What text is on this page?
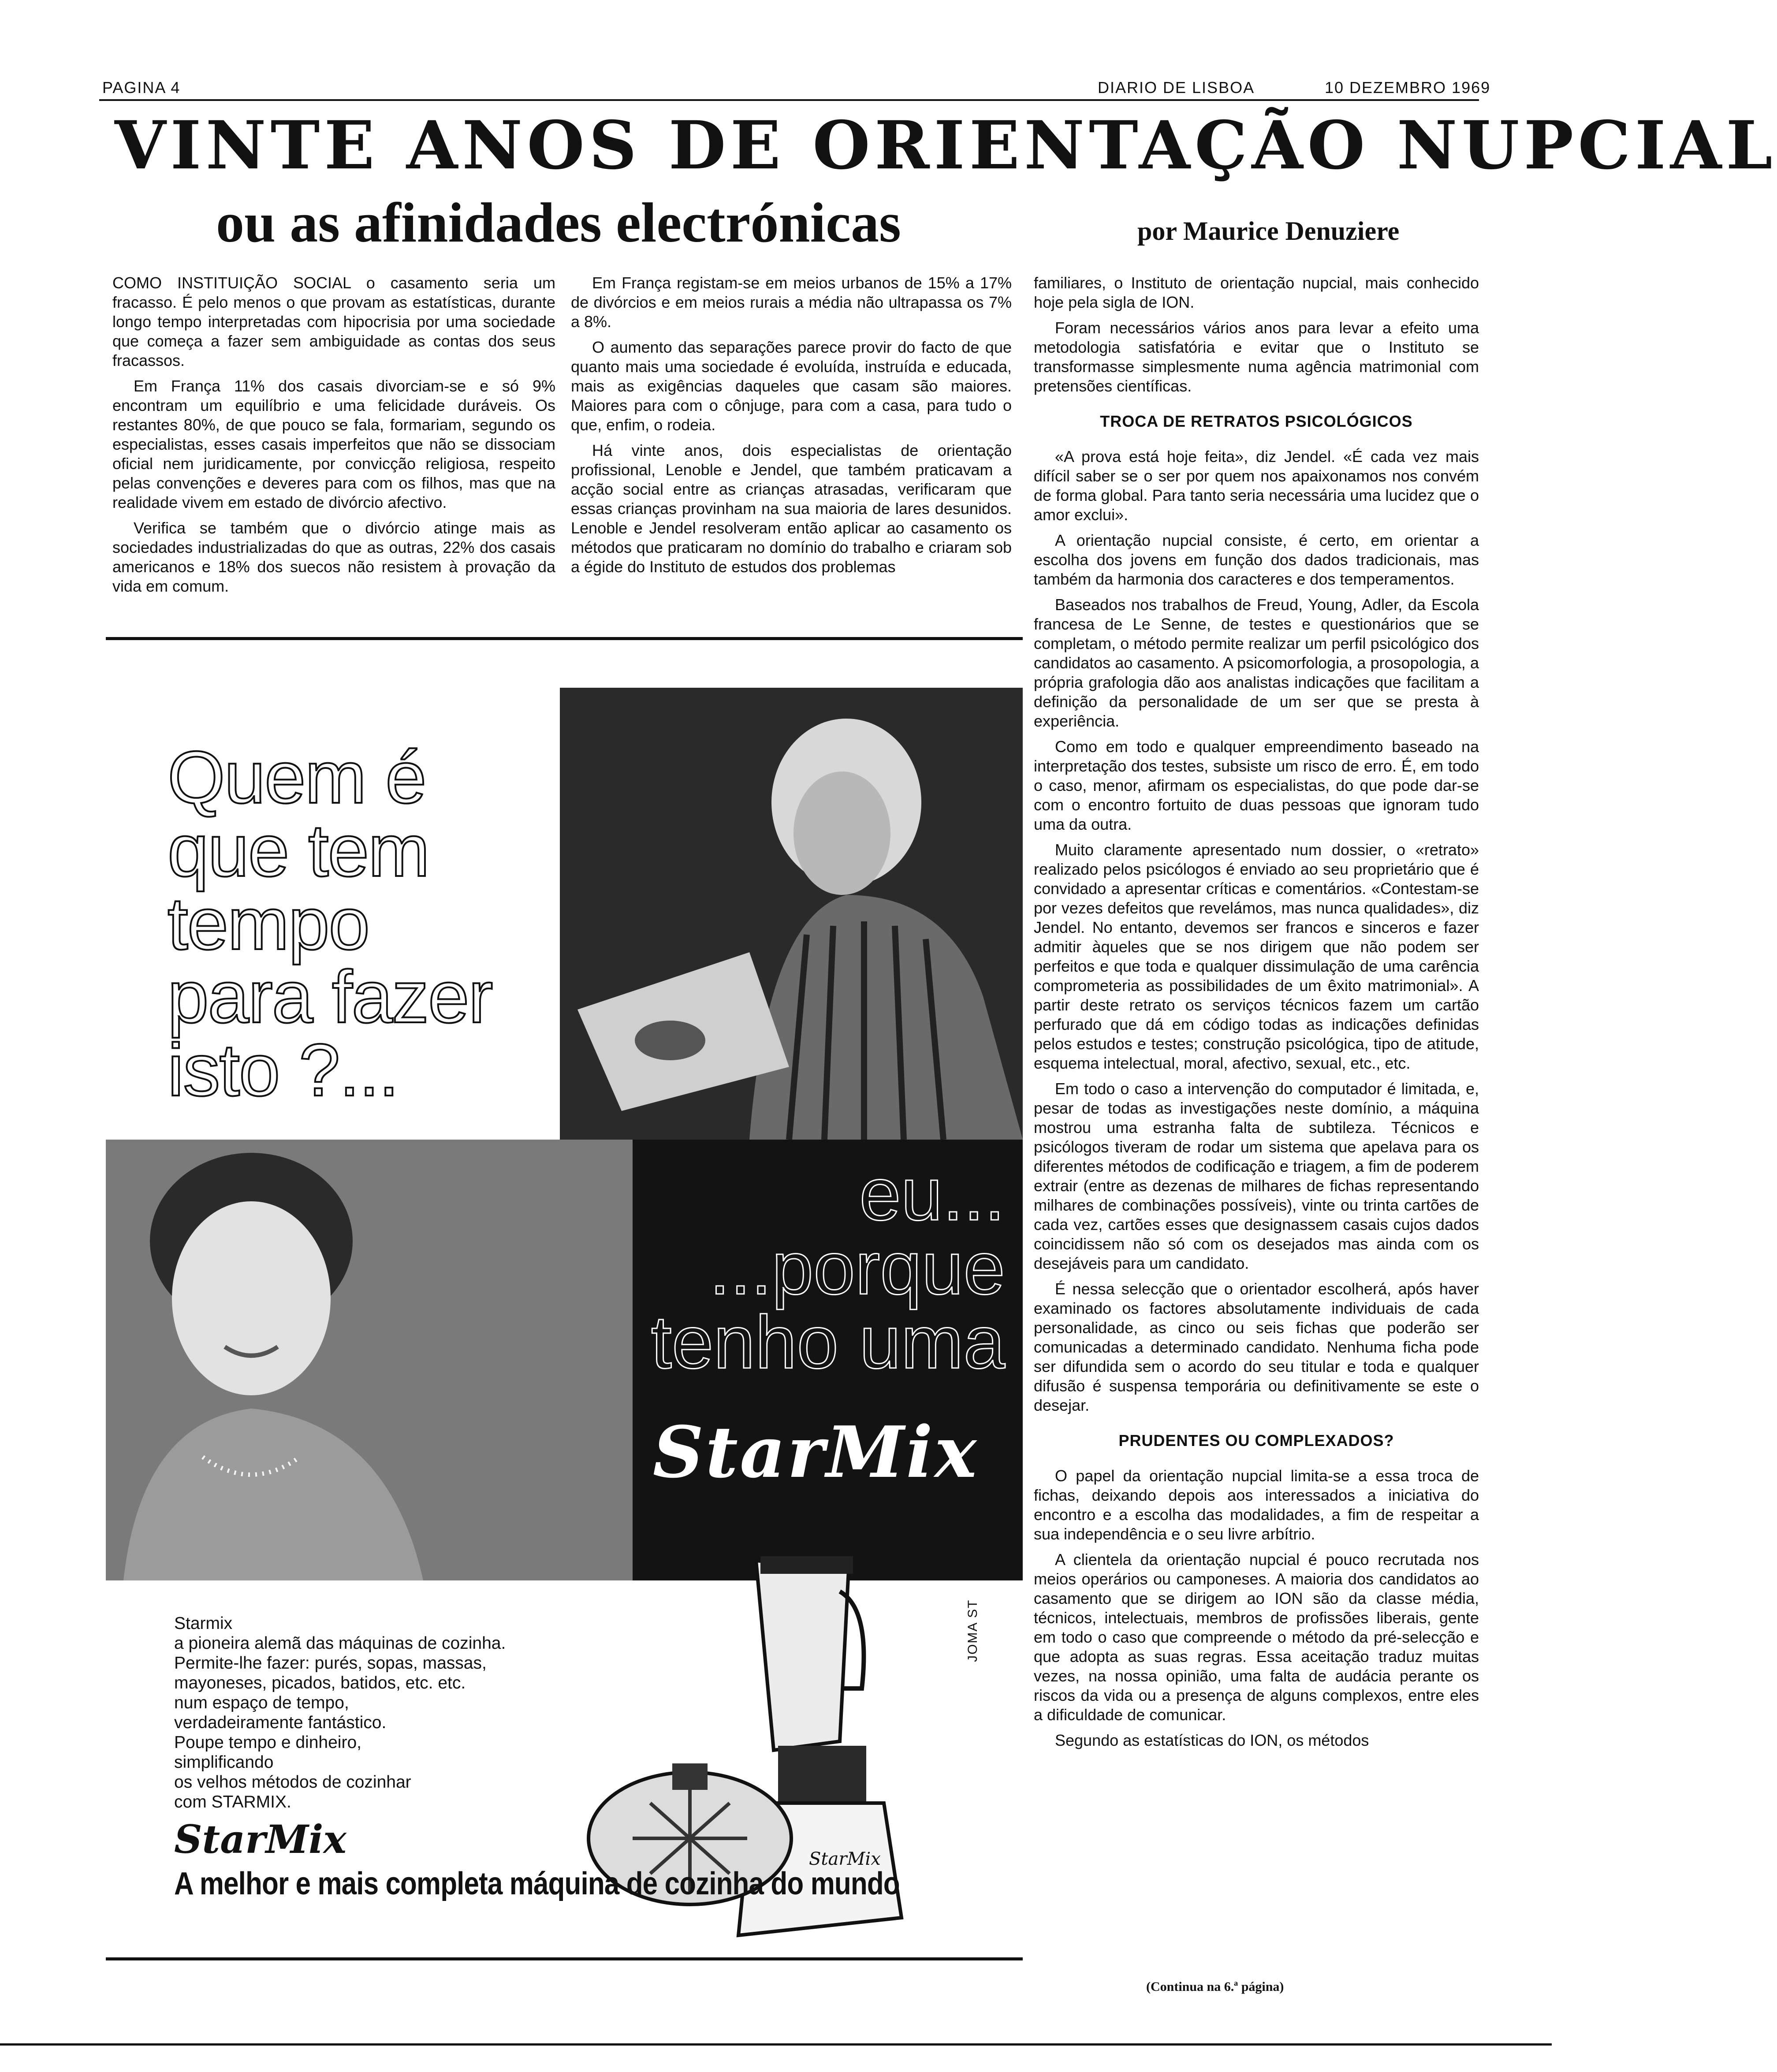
PAGINA 4	DIARIO DE LISBOA	10 DEZEMBRO 1969
VINTE ANOS DE ORIENTAÇÃO NUPCIAL
ou as afinidades electrónicas	por Maurice Denuziere

COMO INSTITUIÇÃO SOCIAL o casamento seria um fracasso. É pelo menos o que provam as estatísticas, durante longo tempo interpretadas com hipocrisia por uma sociedade que começa a fazer sem ambiguidade as contas dos seus fracassos.

Em França 11% dos casais divorciam-se e só 9% encontram um equilíbrio e uma felicidade duráveis. Os restantes 80%, de que pouco se fala, formariam, segundo os especialistas, esses casais imperfeitos que não se dissociam oficial nem juridicamente, por convicção religiosa, respeito pelas convenções e deveres para com os filhos, mas que na realidade vivem em estado de divórcio afectivo.

Verifica se também que o divórcio atinge mais as sociedades industrializadas do que as outras, 22% dos casais americanos e 18% dos suecos não resistem à provação da vida em comum.

Em França registam-se em meios urbanos de 15% a 17% de divórcios e em meios rurais a média não ultrapassa os 7% a 8%.

O aumento das separações parece provir do facto de que quanto mais uma sociedade é evoluída, instruída e educada, mais as exigências daqueles que casam são maiores. Maiores para com o cônjuge, para com a casa, para tudo o que, enfim, o rodeia.

Há vinte anos, dois especialistas de orientação profissional, Lenoble e Jendel, que também praticavam a acção social entre as crianças atrasadas, verificaram que essas crianças provinham na sua maioria de lares desunidos. Lenoble e Jendel resolveram então aplicar ao casamento os métodos que praticaram no domínio do trabalho e criaram sob a égide do Instituto de estudos dos problemas

familiares, o Instituto de orientação nupcial, mais conhecido hoje pela sigla de ION.

Foram necessários vários anos para levar a efeito uma metodologia satisfatória e evitar que o Instituto se transformasse simplesmente numa agência matrimonial com pretensões científicas.

TROCA DE RETRATOS PSICOLÓGICOS

«A prova está hoje feita», diz Jendel. «É cada vez mais difícil saber se o ser por quem nos apaixonamos nos convém de forma global. Para tanto seria necessária uma lucidez que o amor exclui».

A orientação nupcial consiste, é certo, em orientar a escolha dos jovens em função dos dados tradicionais, mas também da harmonia dos caracteres e dos temperamentos.

Baseados nos trabalhos de Freud, Young, Adler, da Escola francesa de Le Senne, de testes e questionários que se completam, o método permite realizar um perfil psicológico dos candidatos ao casamento. A psicomorfologia, a prosopologia, a própria grafologia dão aos analistas indicações que facilitam a definição da personalidade de um ser que se presta à experiência.

Como em todo e qualquer empreendimento baseado na interpretação dos testes, subsiste um risco de erro. É, em todo o caso, menor, afirmam os especialistas, do que pode dar-se com o encontro fortuito de duas pessoas que ignoram tudo uma da outra.

Muito claramente apresentado num dossier, o «retrato» realizado pelos psicólogos é enviado ao seu proprietário que é convidado a apresentar críticas e comentários. «Contestam-se por vezes defeitos que revelámos, mas nunca qualidades», diz Jendel. No entanto, devemos ser francos e sinceros e fazer admitir àqueles que se nos dirigem que não podem ser perfeitos e que toda e qualquer dissimulação de uma carência comprometeria as possibilidades de um êxito matrimonial». A partir deste retrato os serviços técnicos fazem um cartão perfurado que dá em código todas as indicações definidas pelos estudos e testes; construção psicológica, tipo de atitude, esquema intelectual, moral, afectivo, sexual, etc., etc.

Em todo o caso a intervenção do computador é limitada, e, pesar de todas as investigações neste domínio, a máquina mostrou uma estranha falta de subtileza. Técnicos e psicólogos tiveram de rodar um sistema que apelava para os diferentes métodos de codificação e triagem, a fim de poderem extrair (entre as dezenas de milhares de fichas representando milhares de combinações possíveis), vinte ou trinta cartões de cada vez, cartões esses que designassem casais cujos dados coincidissem não só com os desejados mas ainda com os desejáveis para um candidato.

É nessa selecção que o orientador escolherá, após haver examinado os factores absolutamente individuais de cada personalidade, as cinco ou seis fichas que poderão ser comunicadas a determinado candidato. Nenhuma ficha pode ser difundida sem o acordo do seu titular e toda e qualquer difusão é suspensa temporária ou definitivamente se este o desejar.

PRUDENTES OU COMPLEXADOS?

O papel da orientação nupcial limita-se a essa troca de fichas, deixando depois aos interessados a iniciativa do encontro e a escolha das modalidades, a fim de respeitar a sua independência e o seu livre arbítrio.

A clientela da orientação nupcial é pouco recrutada nos meios operários ou camponeses. A maioria dos candidatos ao casamento que se dirigem ao ION são da classe média, técnicos, intelectuais, membros de profissões liberais, gente em todo o caso que compreende o método da pré-selecção e que adopta as suas regras. Essa aceitação traduz muitas vezes, na nossa opinião, uma falta de audácia perante os riscos da vida ou a presença de alguns complexos, entre eles a dificuldade de comunicar.

Segundo as estatísticas do ION, os métodos

(Continua na 6.ª página)
Quem é
que tem
tempo
para fazer
isto ?...
eu...
...porque
tenho uma
StarMix
StarMix
JOMA ST
Starmix
a pioneira alemã das máquinas de cozinha.
Permite-lhe fazer: purés, sopas, massas,
mayoneses, picados, batidos, etc. etc.
num espaço de tempo,
verdadeiramente fantástico.
Poupe tempo e dinheiro,
simplificando
os velhos métodos de cozinhar
com STARMIX.
StarMix
A melhor e mais completa máquina de cozinha do mundo
